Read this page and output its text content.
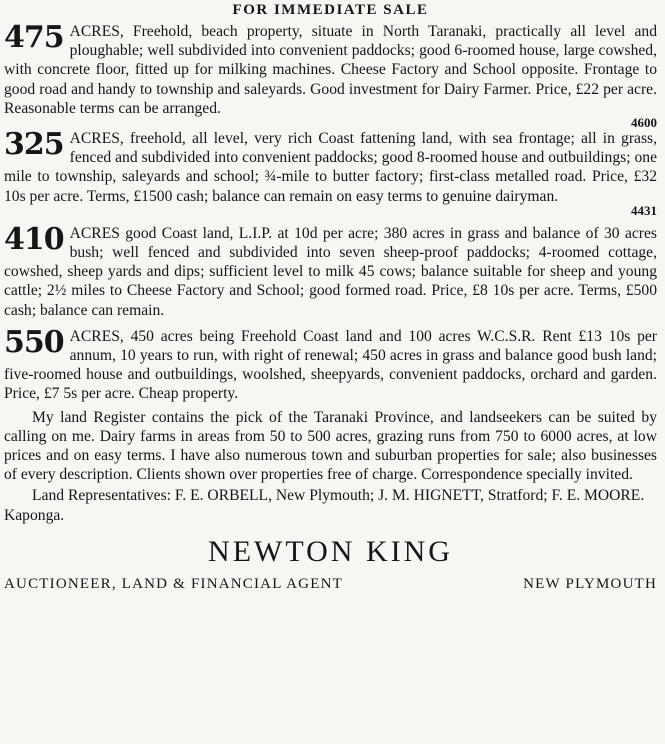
FOR IMMEDIATE SALE
475 ACRES, Freehold, beach property, situate in North Taranaki, practically all level and ploughable; well subdivided into convenient paddocks; good 6-roomed house, large cowshed, with concrete floor, fitted up for milking machines. Cheese Factory and School opposite. Frontage to good road and handy to township and saleyards. Good investment for Dairy Farmer. Price, £22 per acre. Reasonable terms can be arranged.
4600
325 ACRES, freehold, all level, very rich Coast fattening land, with sea frontage; all in grass, fenced and subdivided into convenient paddocks; good 8-roomed house and outbuildings; one mile to township, saleyards and school; ¾-mile to butter factory; first-class metalled road. Price, £32 10s per acre. Terms, £1500 cash; balance can remain on easy terms to genuine dairyman.
4431
410 ACRES good Coast land, L.I.P. at 10d per acre; 380 acres in grass and balance of 30 acres bush; well fenced and subdivided into seven sheep-proof paddocks; 4-roomed cottage, cowshed, sheep yards and dips; sufficient level to milk 45 cows; balance suitable for sheep and young cattle; 2½ miles to Cheese Factory and School; good formed road. Price, £8 10s per acre. Terms, £500 cash; balance can remain.
550 ACRES, 450 acres being Freehold Coast land and 100 acres W.C.S.R. Rent £13 10s per annum, 10 years to run, with right of renewal; 450 acres in grass and balance good bush land; five-roomed house and outbuildings, woolshed, sheepyards, convenient paddocks, orchard and garden. Price, £7 5s per acre. Cheap property.

My land Register contains the pick of the Taranaki Province, and landseekers can be suited by calling on me. Dairy farms in areas from 50 to 500 acres, grazing runs from 750 to 6000 acres, at low prices and on easy terms. I have also numerous town and suburban properties for sale; also businesses of every description. Clients shown over properties free of charge. Correspondence specially invited.

Land Representatives: F. E. ORBELL, New Plymouth; J. M. HIGNETT, Stratford; F. E. MOORE. Kaponga.

NEWTON KING
AUCTIONEER, LAND & FINANCIAL AGENT	NEW PLYMOUTH
